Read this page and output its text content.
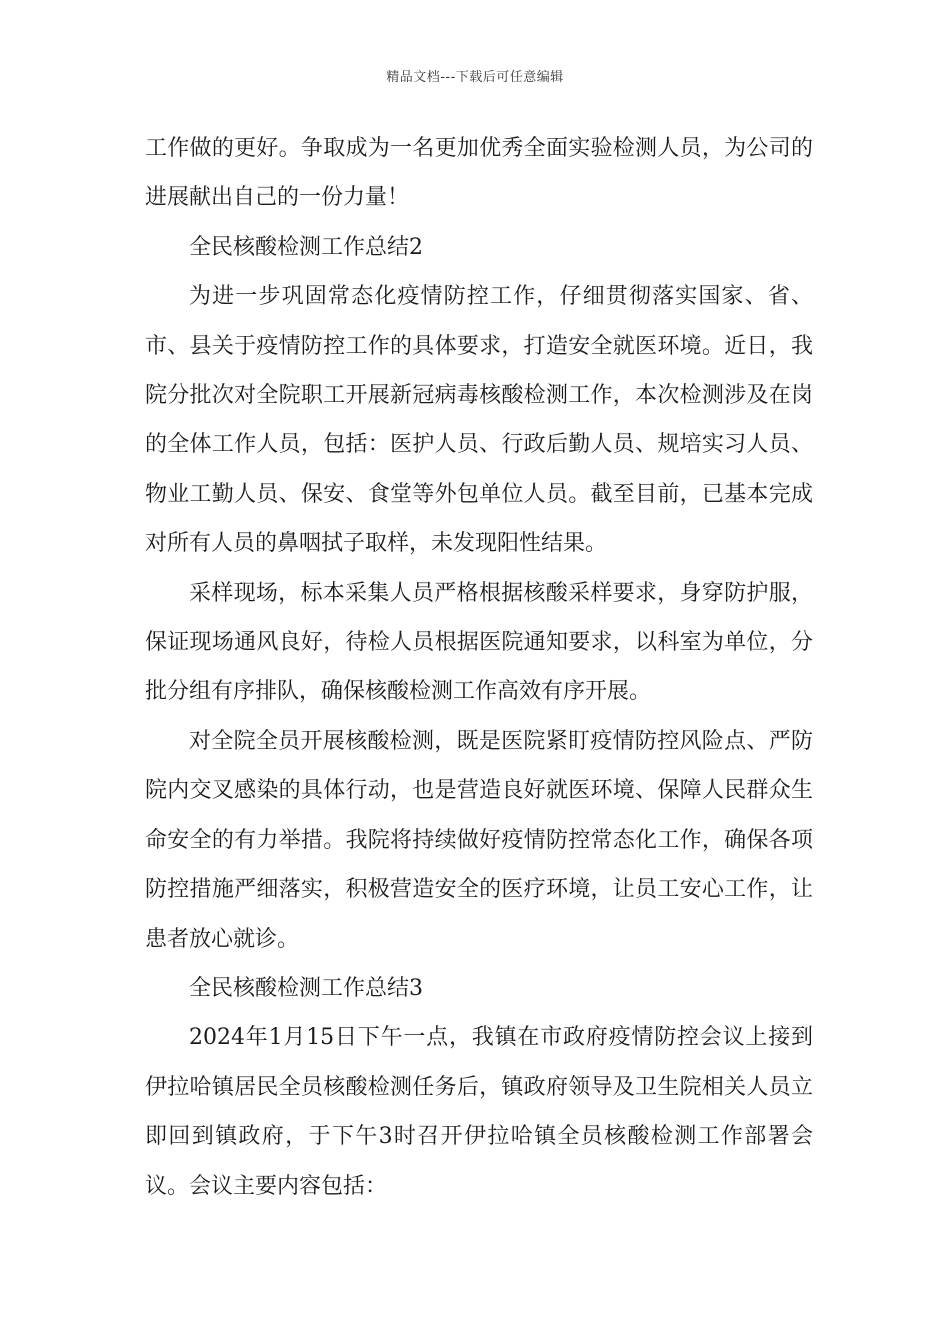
精品文档---下载后可任意编辑

工作做的更好。争取成为一名更加优秀全面实验检测人员，为公司的进展献出自己的一份力量！

全民核酸检测工作总结2

为进一步巩固常态化疫情防控工作，仔细贯彻落实国家、省、市、县关于疫情防控工作的具体要求，打造安全就医环境。近日，我院分批次对全院职工开展新冠病毒核酸检测工作，本次检测涉及在岗的全体工作人员，包括：医护人员、行政后勤人员、规培实习人员、物业工勤人员、保安、食堂等外包单位人员。截至目前，已基本完成对所有人员的鼻咽拭子取样，未发现阳性结果。

采样现场，标本采集人员严格根据核酸采样要求，身穿防护服，保证现场通风良好，待检人员根据医院通知要求，以科室为单位，分批分组有序排队，确保核酸检测工作高效有序开展。

对全院全员开展核酸检测，既是医院紧盯疫情防控风险点、严防院内交叉感染的具体行动，也是营造良好就医环境、保障人民群众生命安全的有力举措。我院将持续做好疫情防控常态化工作，确保各项防控措施严细落实，积极营造安全的医疗环境，让员工安心工作，让患者放心就诊。

全民核酸检测工作总结3

2024年1月15日下午一点，我镇在市政府疫情防控会议上接到伊拉哈镇居民全员核酸检测任务后，镇政府领导及卫生院相关人员立即回到镇政府，于下午3时召开伊拉哈镇全员核酸检测工作部署会议。会议主要内容包括：
